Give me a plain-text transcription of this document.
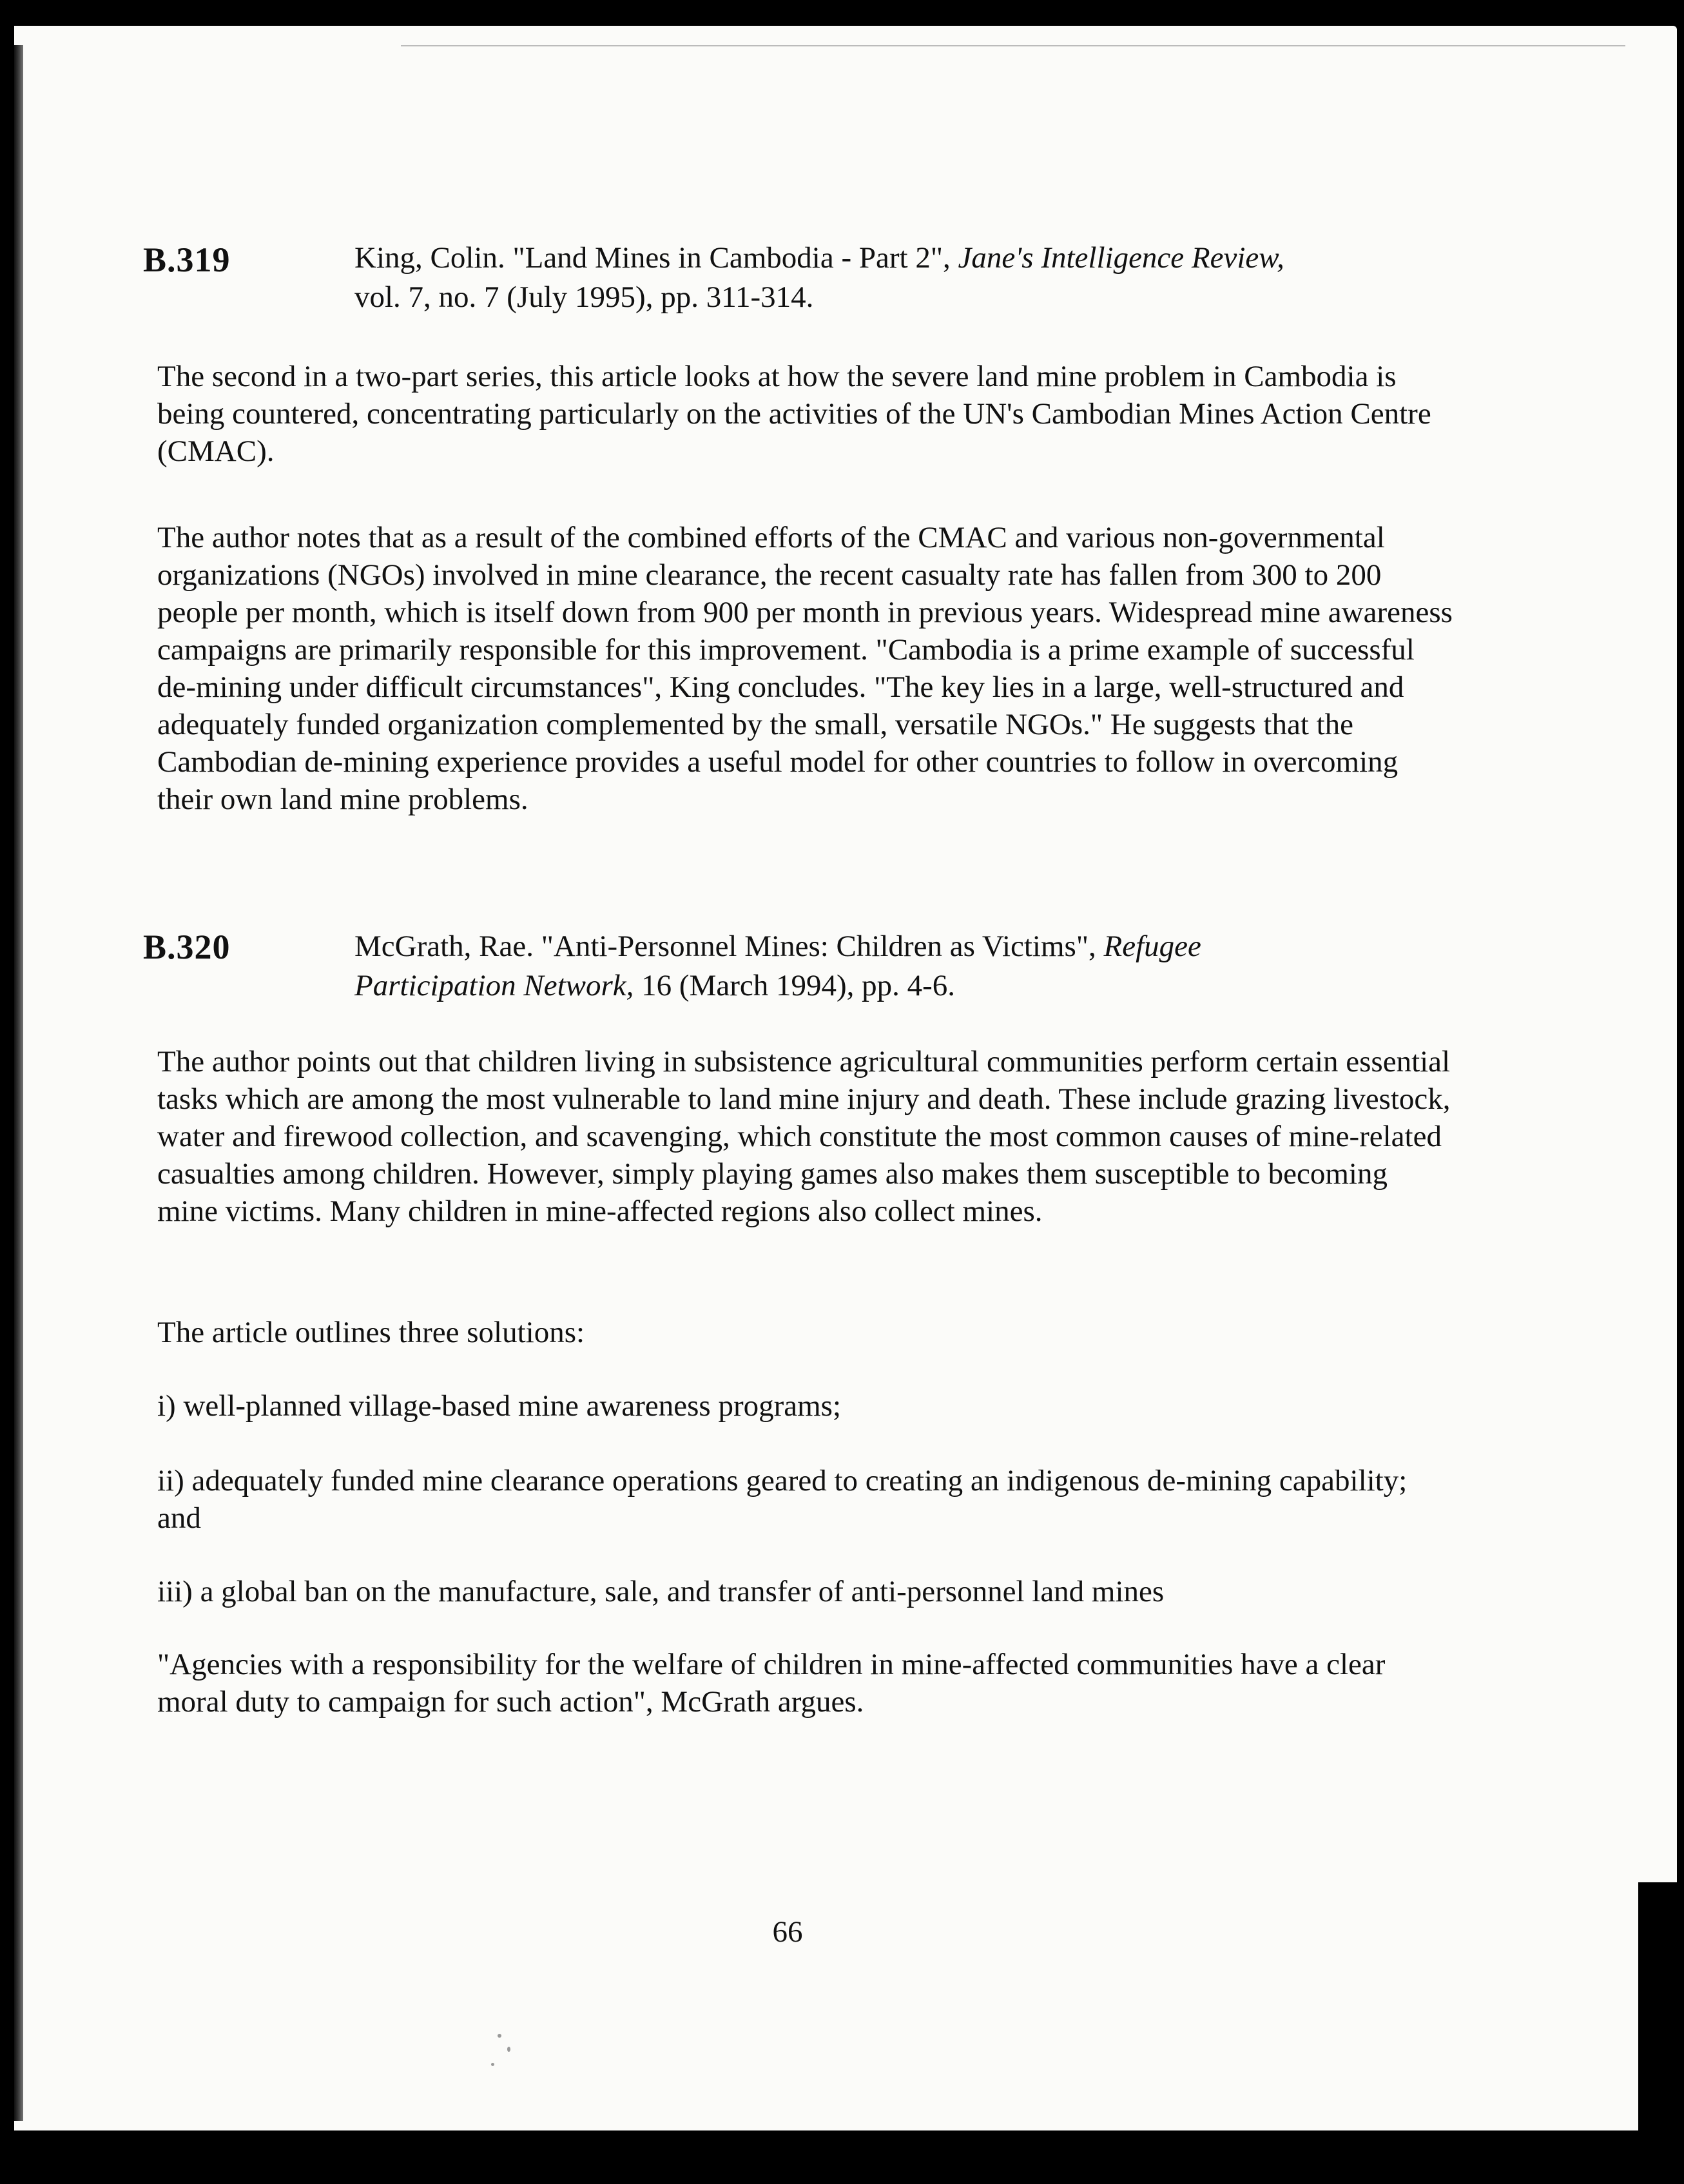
B.319	King, Colin. "Land Mines in Cambodia - Part 2", Jane's Intelligence Review,

vol. 7, no. 7 (July 1995), pp. 311-314.

The second in a two-part series, this article looks at how the severe land mine problem in Cambodia is being countered, concentrating particularly on the activities of the UN's Cambodian Mines Action Centre (CMAC).

The author notes that as a result of the combined efforts of the CMAC and various non-governmental organizations (NGOs) involved in mine clearance, the recent casualty rate has fallen from 300 to 200 people per month, which is itself down from 900 per month in previous years. Widespread mine awareness campaigns are primarily responsible for this improvement. "Cambodia is a prime example of successful de-mining under difficult circumstances", King concludes. "The key lies in a large, well-structured and adequately funded organization complemented by the small, versatile NGOs." He suggests that the Cambodian de-mining experience provides a useful model for other countries to follow in overcoming their own land mine problems.

B.320	McGrath, Rae. "Anti-Personnel Mines: Children as Victims", Refugee

Participation Network, 16 (March 1994), pp. 4-6.

The author points out that children living in subsistence agricultural communities perform certain essential tasks which are among the most vulnerable to land mine injury and death. These include grazing livestock, water and firewood collection, and scavenging, which constitute the most common causes of mine-related casualties among children. However, simply playing games also makes them susceptible to becoming mine victims. Many children in mine-affected regions also collect mines.

The article outlines three solutions:

i) well-planned village-based mine awareness programs;

ii) adequately funded mine clearance operations geared to creating an indigenous de-mining capability; and

iii) a global ban on the manufacture, sale, and transfer of anti-personnel land mines

"Agencies with a responsibility for the welfare of children in mine-affected communities have a clear moral duty to campaign for such action", McGrath argues.

66
